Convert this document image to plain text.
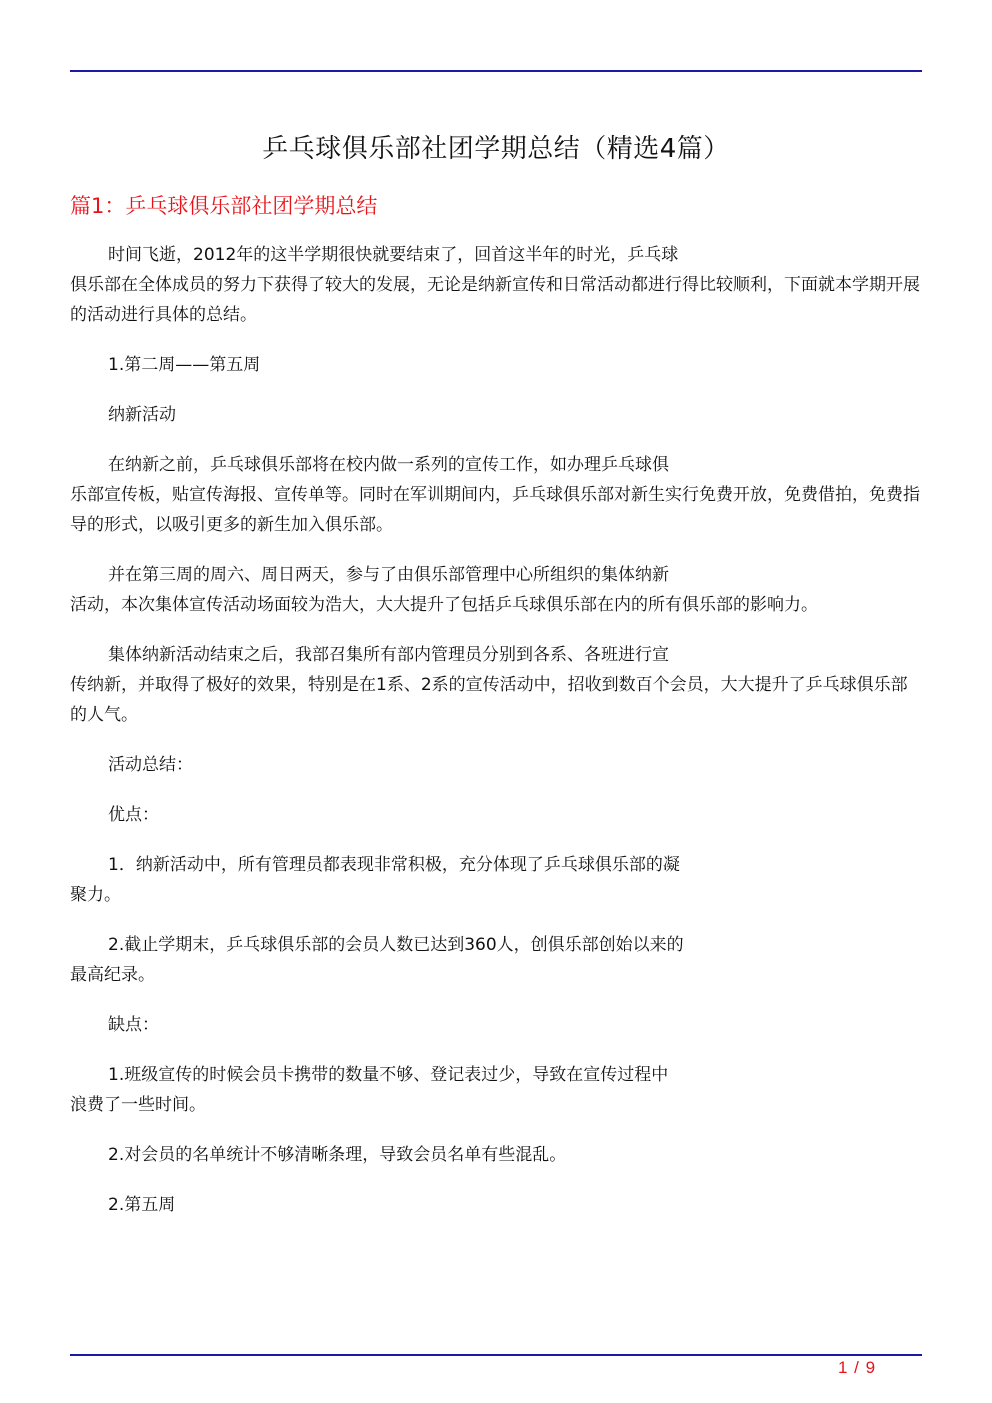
乒乓球俱乐部社团学期总结（精选4篇）
篇1：乒乓球俱乐部社团学期总结

时间飞逝，2012年的这半学期很快就要结束了，回首这半年的时光，乒乓球
俱乐部在全体成员的努力下获得了较大的发展，无论是纳新宣传和日常活动都进行得比较顺利，下面就本学期开展的活动进行具体的总结。

1.第二周——第五周

纳新活动

在纳新之前，乒乓球俱乐部将在校内做一系列的宣传工作，如办理乒乓球俱
乐部宣传板，贴宣传海报、宣传单等。同时在军训期间内，乒乓球俱乐部对新生实行免费开放，免费借拍，免费指导的形式，以吸引更多的新生加入俱乐部。

并在第三周的周六、周日两天，参与了由俱乐部管理中心所组织的集体纳新
活动，本次集体宣传活动场面较为浩大，大大提升了包括乒乓球俱乐部在内的所有俱乐部的影响力。

集体纳新活动结束之后，我部召集所有部内管理员分别到各系、各班进行宣
传纳新，并取得了极好的效果，特别是在1系、2系的宣传活动中，招收到数百个会员，大大提升了乒乓球俱乐部的人气。

活动总结：

优点：

1．纳新活动中，所有管理员都表现非常积极，充分体现了乒乓球俱乐部的凝
聚力。

2.截止学期末，乒乓球俱乐部的会员人数已达到360人，创俱乐部创始以来的
最高纪录。

缺点：

1.班级宣传的时候会员卡携带的数量不够、登记表过少，导致在宣传过程中
浪费了一些时间。

2.对会员的名单统计不够清晰条理，导致会员名单有些混乱。

2.第五周

1 / 9
